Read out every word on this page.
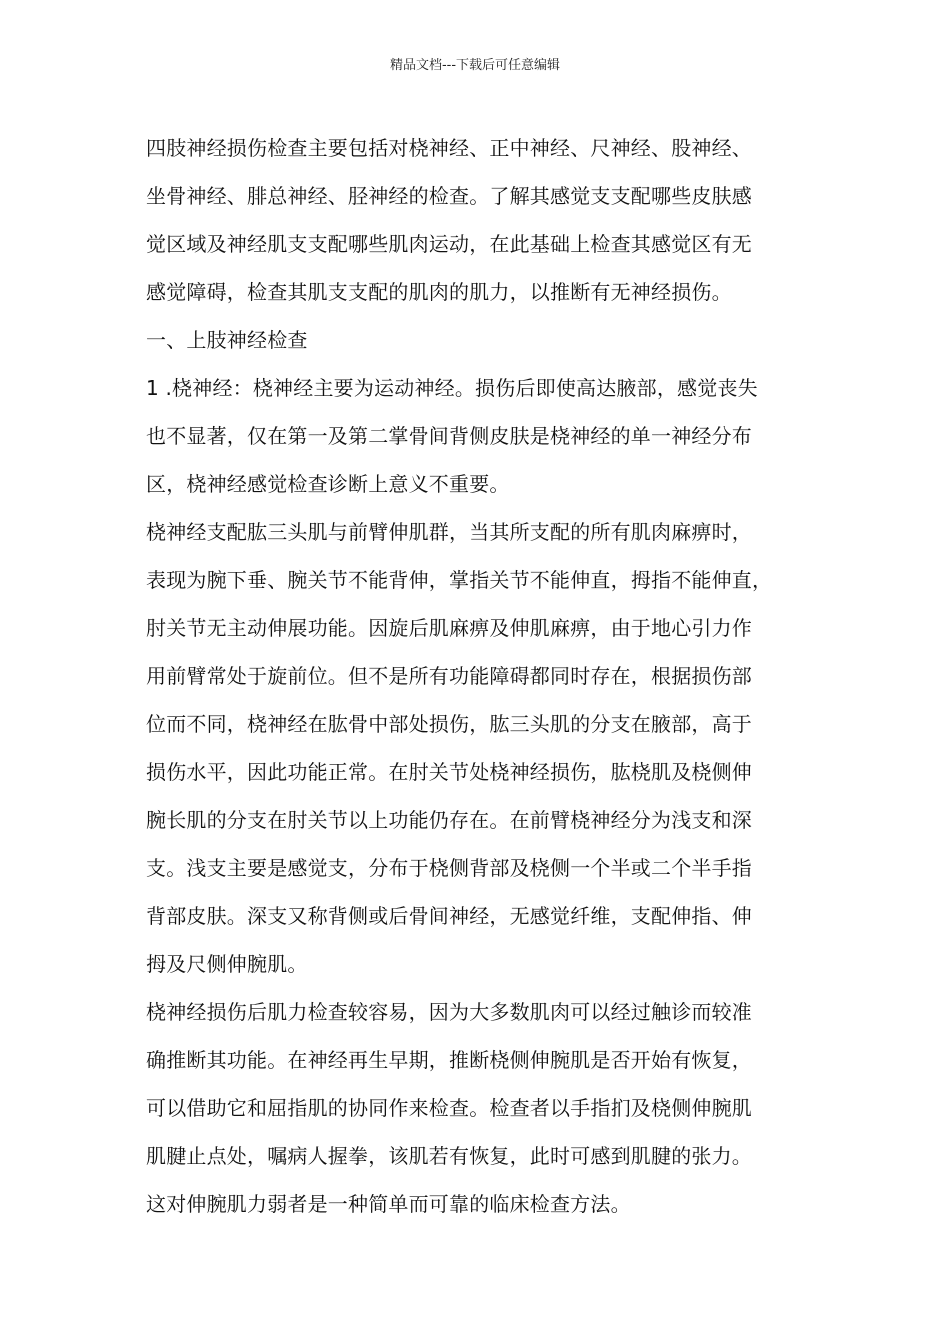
精品文档---下载后可任意编辑
四肢神经损伤检查主要包括对桡神经、正中神经、尺神经、股神经、
坐骨神经、腓总神经、胫神经的检查。了解其感觉支支配哪些皮肤感
觉区域及神经肌支支配哪些肌肉运动，在此基础上检查其感觉区有无
感觉障碍，检查其肌支支配的肌肉的肌力，以推断有无神经损伤。
一、上肢神经检查
1 .桡神经：桡神经主要为运动神经。损伤后即使高达腋部，感觉丧失
也不显著，仅在第一及第二掌骨间背侧皮肤是桡神经的单一神经分布
区，桡神经感觉检查诊断上意义不重要。
桡神经支配肱三头肌与前臂伸肌群，当其所支配的所有肌肉麻痹时，
表现为腕下垂、腕关节不能背伸，掌指关节不能伸直，拇指不能伸直，
肘关节无主动伸展功能。因旋后肌麻痹及伸肌麻痹，由于地心引力作
用前臂常处于旋前位。但不是所有功能障碍都同时存在，根据损伤部
位而不同，桡神经在肱骨中部处损伤，肱三头肌的分支在腋部，高于
损伤水平，因此功能正常。在肘关节处桡神经损伤，肱桡肌及桡侧伸
腕长肌的分支在肘关节以上功能仍存在。在前臂桡神经分为浅支和深
支。浅支主要是感觉支，分布于桡侧背部及桡侧一个半或二个半手指
背部皮肤。深支又称背侧或后骨间神经，无感觉纤维，支配伸指、伸
拇及尺侧伸腕肌。
桡神经损伤后肌力检查较容易，因为大多数肌肉可以经过触诊而较准
确推断其功能。在神经再生早期，推断桡侧伸腕肌是否开始有恢复，
可以借助它和屈指肌的协同作来检查。检查者以手指扪及桡侧伸腕肌
肌腱止点处，嘱病人握拳，该肌若有恢复，此时可感到肌腱的张力。
这对伸腕肌力弱者是一种简单而可靠的临床检查方法。
